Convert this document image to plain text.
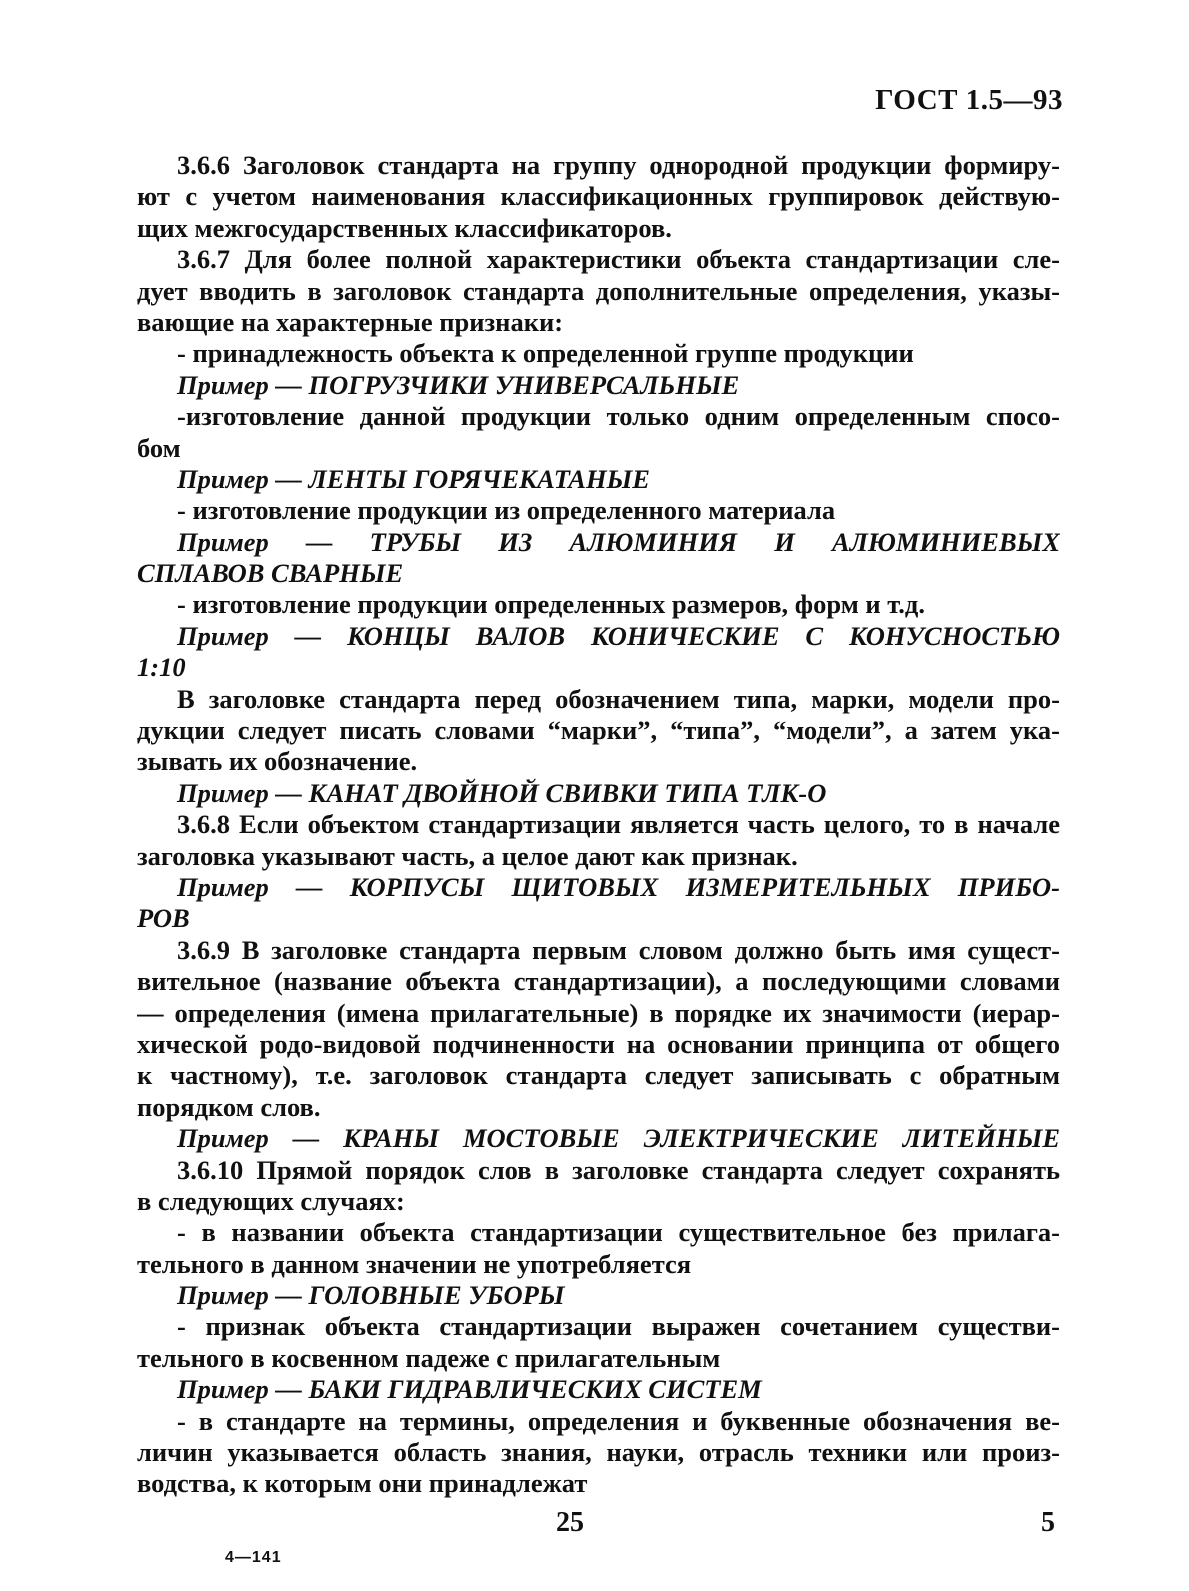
ГОСТ 1.5—93
3.6.6 Заголовок стандарта на группу однородной продукции формиру-
ют с учетом наименования классификационных группировок действую-
щих межгосударственных классификаторов.
3.6.7 Для более полной характеристики объекта стандартизации сле-
дует вводить в заголовок стандарта дополнительные определения, указы-
вающие на характерные признаки:
- принадлежность объекта к определенной группе продукции
Пример — ПОГРУЗЧИКИ УНИВЕРСАЛЬНЫЕ
-изготовление данной продукции только одним определенным спосо-
бом
Пример — ЛЕНТЫ ГОРЯЧЕКАТАНЫЕ
- изготовление продукции из определенного материала
Пример — ТРУБЫ ИЗ АЛЮМИНИЯ И АЛЮМИНИЕВЫХ
СПЛАВОВ СВАРНЫЕ
- изготовление продукции определенных размеров, форм и т.д.
Пример — КОНЦЫ ВАЛОВ КОНИЧЕСКИЕ С КОНУСНОСТЬЮ
1:10
В заголовке стандарта перед обозначением типа, марки, модели про-
дукции следует писать словами “марки”, “типа”, “модели”, а затем ука-
зывать их обозначение.
Пример — КАНАТ ДВОЙНОЙ СВИВКИ ТИПА ТЛК-О
3.6.8 Если объектом стандартизации является часть целого, то в начале
заголовка указывают часть, а целое дают как признак.
Пример — КОРПУСЫ ЩИТОВЫХ ИЗМЕРИТЕЛЬНЫХ ПРИБО-
РОВ
3.6.9 В заголовке стандарта первым словом должно быть имя сущест-
вительное (название объекта стандартизации), а последующими словами
— определения (имена прилагательные) в порядке их значимости (иерар-
хической родо-видовой подчиненности на основании принципа от общего
к частному), т.е. заголовок стандарта следует записывать с обратным
порядком слов.
Пример — КРАНЫ МОСТОВЫЕ ЭЛЕКТРИЧЕСКИЕ ЛИТЕЙНЫЕ
3.6.10 Прямой порядок слов в заголовке стандарта следует сохранять
в следующих случаях:
- в названии объекта стандартизации существительное без прилага-
тельного в данном значении не употребляется
Пример — ГОЛОВНЫЕ УБОРЫ
- признак объекта стандартизации выражен сочетанием существи-
тельного в косвенном падеже с прилагательным
Пример — БАКИ ГИДРАВЛИЧЕСКИХ СИСТЕМ
- в стандарте на термины, определения и буквенные обозначения ве-
личин указывается область знания, науки, отрасль техники или произ-
водства, к которым они принадлежат
25	5
4—141
